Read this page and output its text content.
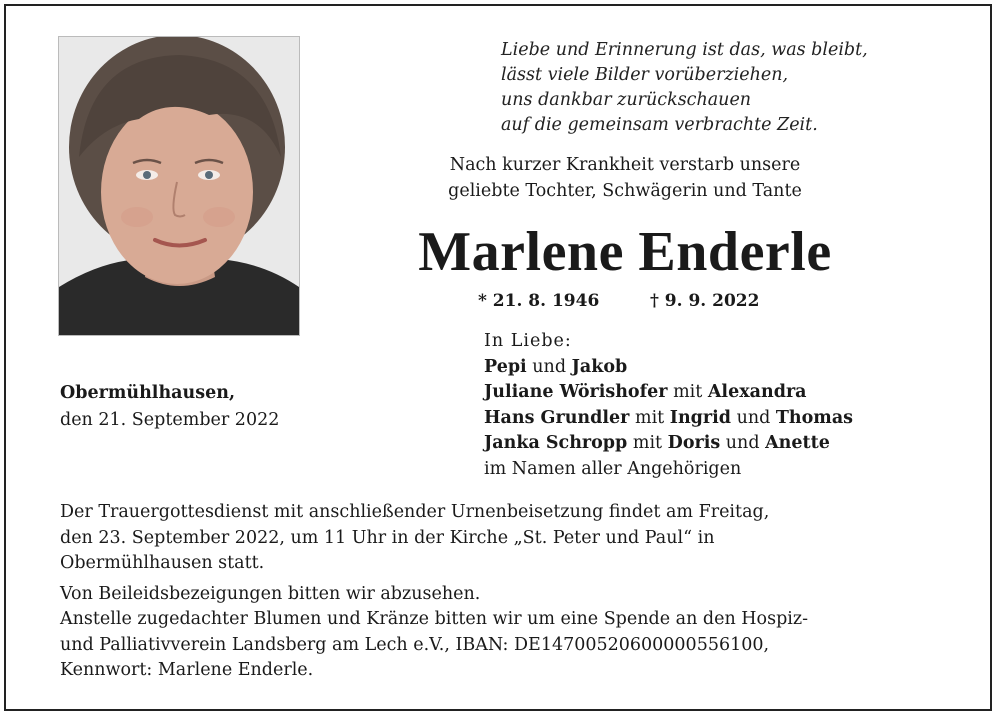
Liebe und Erinnerung ist das, was bleibt,
lässt viele Bilder vorüberziehen,
uns dankbar zurückschauen
auf die gemeinsam verbrachte Zeit.
Nach kurzer Krankheit verstarb unsere
geliebte Tochter, Schwägerin und Tante
Marlene Enderle
* 21. 8. 1946	† 9. 9. 2022
Obermühlhausen,
den 21. September 2022
In Liebe:
Pepi und Jakob
Juliane Wörishofer mit Alexandra
Hans Grundler mit Ingrid und Thomas
Janka Schropp mit Doris und Anette
im Namen aller Angehörigen
Der Trauergottesdienst mit anschließender Urnenbeisetzung findet am Freitag,
den 23. September 2022, um 11 Uhr in der Kirche „St. Peter und Paul“ in
Obermühlhausen statt.
Von Beileidsbezeigungen bitten wir abzusehen.
Anstelle zugedachter Blumen und Kränze bitten wir um eine Spende an den Hospiz-
und Palliativverein Landsberg am Lech e.V., IBAN: DE14700520600000556100,
Kennwort: Marlene Enderle.
